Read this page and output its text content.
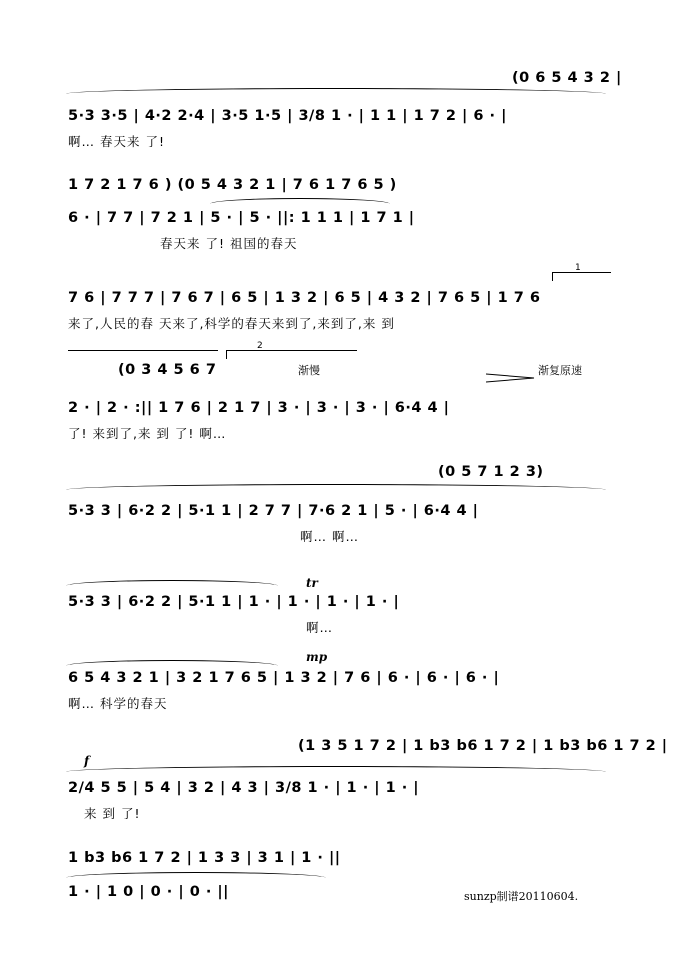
(0 6 5 4 3 2 |
5·3 3·5 | 4·2 2·4 | 3·5 1·5 | 3/8 1 · | 1 1 | 1 7 2 | 6 · |
啊… 春天来 了!
1 7 2 1 7 6 ) (0 5 4 3 2 1 | 7 6 1 7 6 5 )
6 · | 7 7 | 7 2 1 | 5 · | 5 · ||: 1 1 1 | 1 7 1 |
春天来 了! 祖国的春天
1
7 6 | 7 7 7 | 7 6 7 | 6 5 | 1 3 2 | 6 5 | 4 3 2 | 7 6 5 | 1 7 6
来了,人民的春 天来了,科学的春天来到了,来到了,来 到
2
(0 3 4 5 6 7	渐慢	渐复原速
2 · | 2 · :|| 1 7 6 | 2 1 7 | 3 · | 3 · | 3 · | 6·4 4 |
了! 来到了,来 到 了! 啊…
(0 5 7 1 2 3)
5·3 3 | 6·2 2 | 5·1 1 | 2 7 7 | 7·6 2 1 | 5 · | 6·4 4 |
啊… 啊…
tr
5·3 3 | 6·2 2 | 5·1 1 | 1 · | 1 · | 1 · | 1 · |
啊…
mp
6 5 4 3 2 1 | 3 2 1 7 6 5 | 1 3 2 | 7 6 | 6 · | 6 · | 6 · |
啊… 科学的春天
(1 3 5 1 7 2 | 1 b3 b6 1 7 2 | 1 b3 b6 1 7 2 |
f
2/4 5 5 | 5 4 | 3 2 | 4 3 | 3/8 1 · | 1 · | 1 · |
来 到 了!
1 b3 b6 1 7 2 | 1 3 3 | 3 1 | 1 · ||
1 · | 1 0 | 0 · | 0 · ||	sunzp制谱20110604.
